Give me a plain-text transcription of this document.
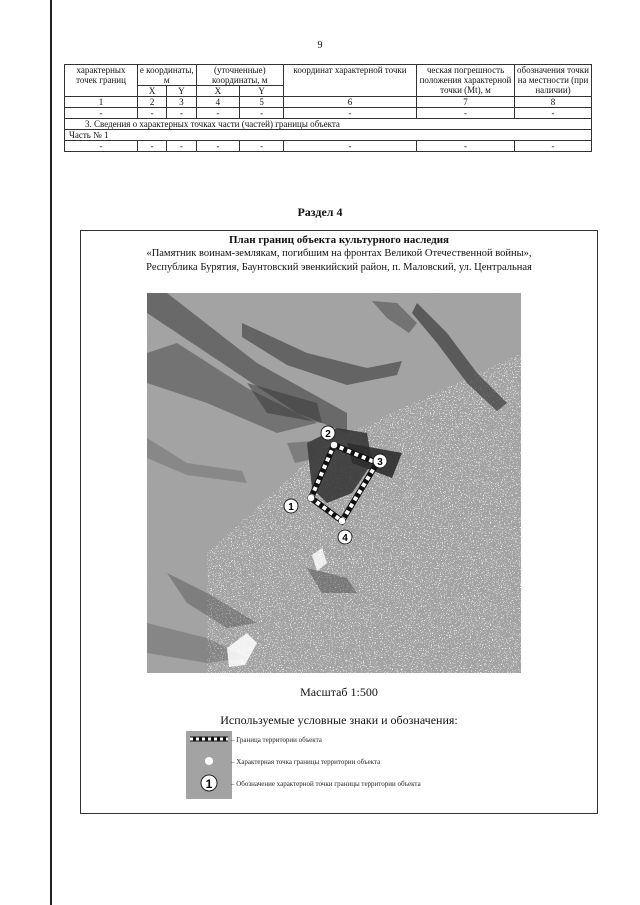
9
характерных точек границ	е координаты, м		(уточненные) координаты, м		координат характерной точки	ческая погрешность положения характерной точки (Mt), м	обозначения точки на местности (при наличии)
	X	Y	X	Y			
1	2	3	4	5	6	7	8
-	-	-	-	-	-	-	-
3. Сведения о характерных точках части (частей) границы объекта							
Часть № 1							
-	-	-	-	-	-	-	-
Раздел 4
План границ объекта культурного наследия
«Памятник воинам-землякам, погибшим на фронтах Великой Отечественной войны»,
Республика Бурятия, Баунтовский эвенкийский район, п. Маловский, ул. Центральная
1
2
3
4
Масштаб 1:500
Используемые условные знаки и обозначения:
1
– Граница территории объекта
– Характерная точка границы территории объекта
– Обозначение характерной точки границы территории объекта
